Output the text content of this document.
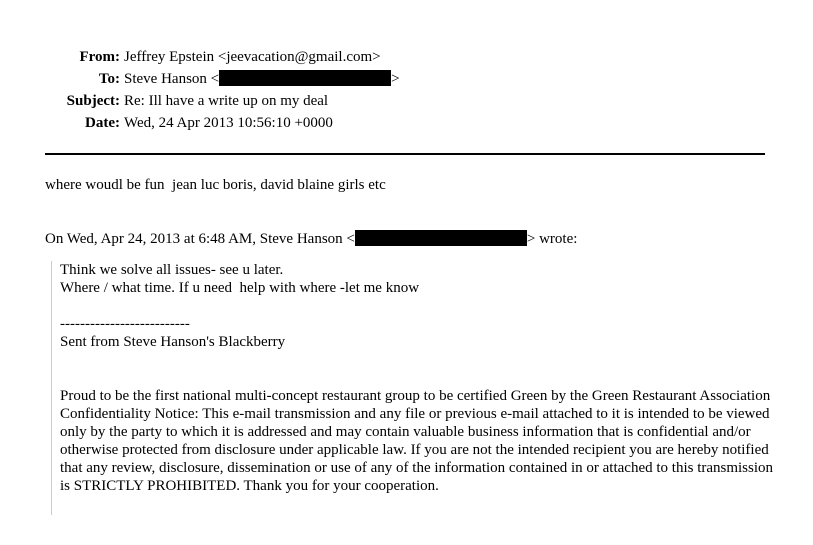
From:	Jeffrey Epstein <jeevacation@gmail.com>
To:	Steve Hanson < >
Subject:	Re: Ill have a write up on my deal
Date:	Wed, 24 Apr 2013 10:56:10 +0000
where woudl be fun  jean luc boris, david blaine girls etc
On Wed, Apr 24, 2013 at 6:48 AM, Steve Hanson <	> wrote:
Think we solve all issues- see u later.
Where / what time. If u need  help with where -let me know
--------------------------
Sent from Steve Hanson's Blackberry
Proud to be the first national multi-concept restaurant group to be certified Green by the Green Restaurant Association
Confidentiality Notice: This e-mail transmission and any file or previous e-mail attached to it is intended to be viewed only by the party to which it is addressed and may contain valuable business information that is confidential and/or otherwise protected from disclosure under applicable law. If you are not the intended recipient you are hereby notified that any review, disclosure, dissemination or use of any of the information contained in or attached to this transmission is STRICTLY PROHIBITED. Thank you for your cooperation.
